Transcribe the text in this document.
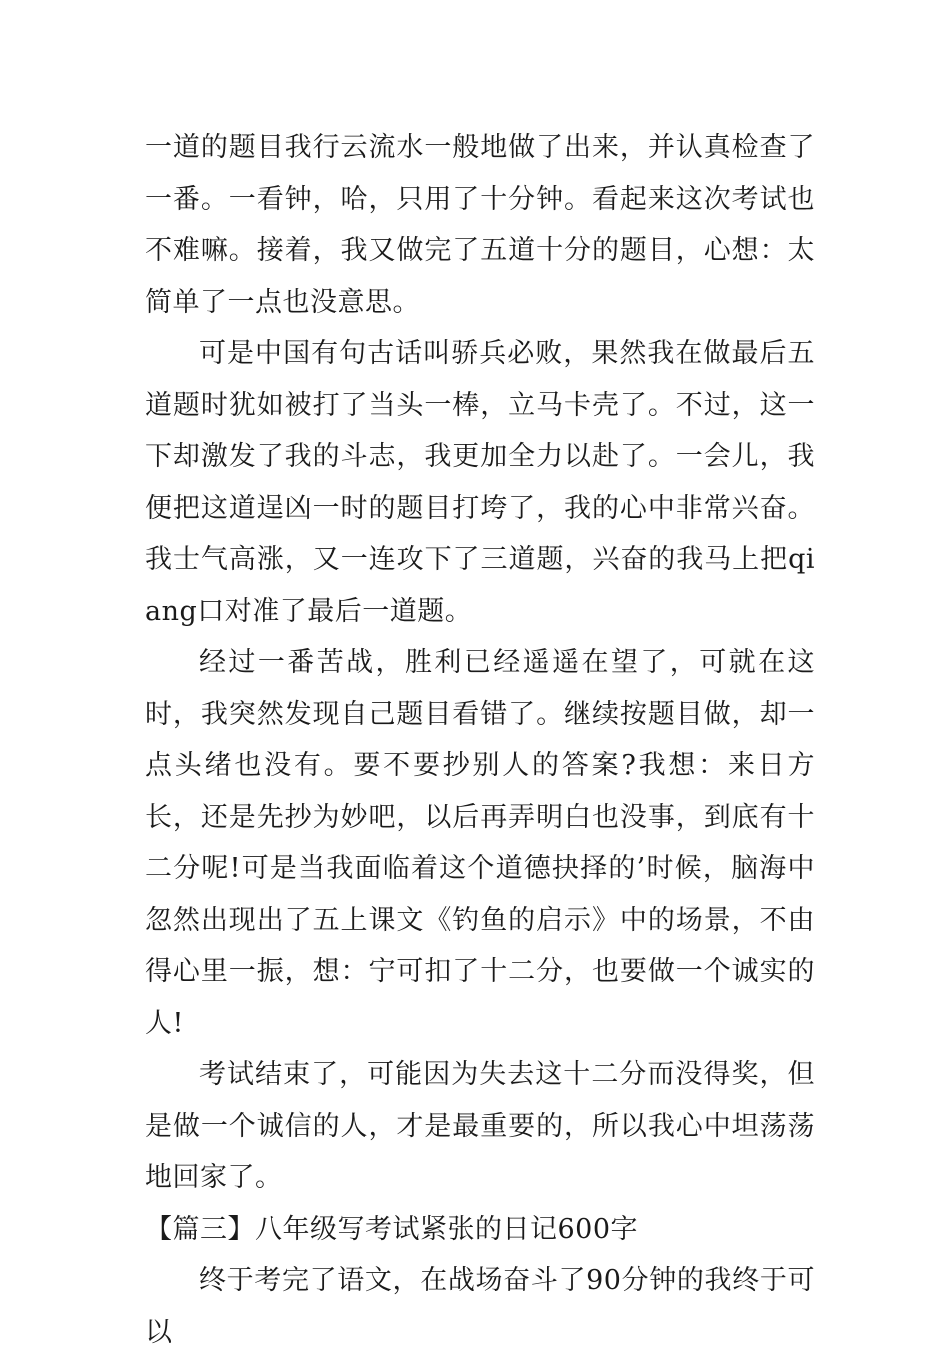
一道的题目我行云流水一般地做了出来，并认真检查了一番。一看钟，哈，只用了十分钟。看起来这次考试也不难嘛。接着，我又做完了五道十分的题目，心想：太简单了一点也没意思。

可是中国有句古话叫骄兵必败，果然我在做最后五道题时犹如被打了当头一棒，立马卡壳了。不过，这一下却激发了我的斗志，我更加全力以赴了。一会儿，我便把这道逞凶一时的题目打垮了，我的心中非常兴奋。我士气高涨，又一连攻下了三道题，兴奋的我马上把qiang口对准了最后一道题。

经过一番苦战，胜利已经遥遥在望了，可就在这时，我突然发现自己题目看错了。继续按题目做，却一点头绪也没有。要不要抄别人的答案?我想：来日方长，还是先抄为妙吧，以后再弄明白也没事，到底有十二分呢!可是当我面临着这个道德抉择的’时候，脑海中忽然出现出了五上课文《钓鱼的启示》中的场景，不由得心里一振，想：宁可扣了十二分，也要做一个诚实的人!

考试结束了，可能因为失去这十二分而没得奖，但是做一个诚信的人，才是最重要的，所以我心中坦荡荡地回家了。

【篇三】八年级写考试紧张的日记600字

终于考完了语文，在战场奋斗了90分钟的我终于可以
